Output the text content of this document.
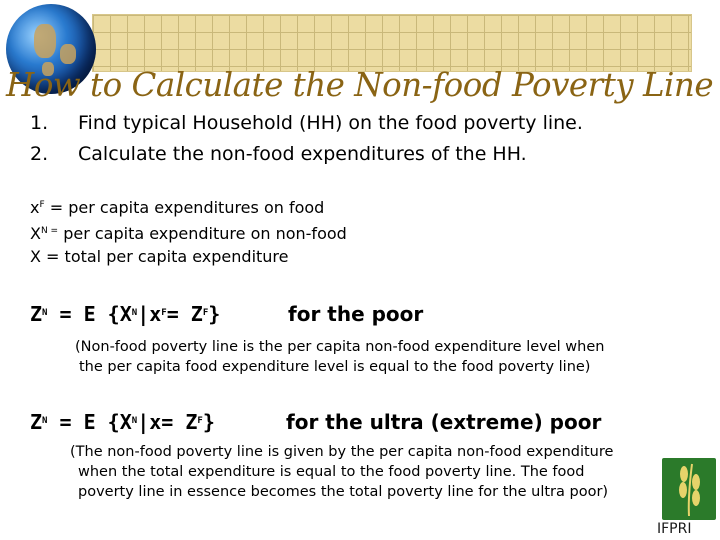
How to Calculate the Non-food Poverty Line
1. Find typical Household (HH) on the food poverty line.
2. Calculate the non-food expenditures of the HH.
$x^F$ = per capita expenditures on food
$X^{N =}$ per capita expenditure on non-food
X = total per capita expenditure
$Z^N = E$ $\{X^N|x^F= Z^F\}$	for the poor
(Non-food poverty line is the per capita non-food expenditure level when
the per capita food expenditure level is equal to the food poverty line)
$Z^N = E$ $\{X^N|x= Z^F\}$	for the ultra (extreme) poor
(The non-food poverty line is given by the per capita non-food expenditure
when the total expenditure is equal to the food poverty line. The food
poverty line in essence becomes the total poverty line for the ultra poor)
IFPRI
